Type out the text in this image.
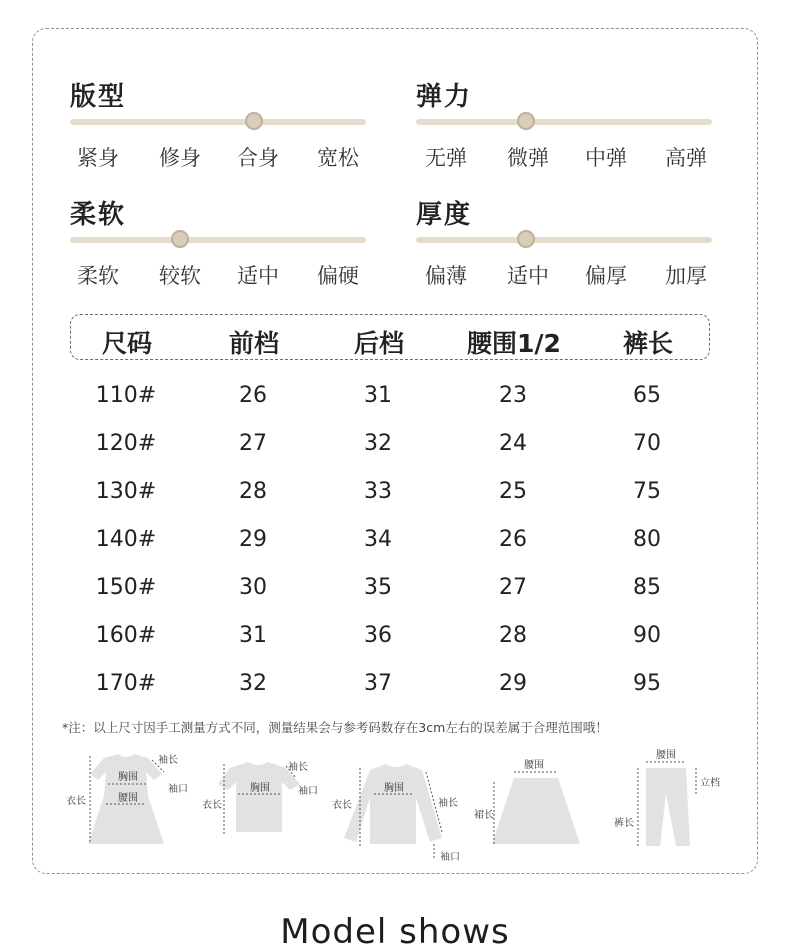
版型
紧身	修身	合身	宽松
弹力
无弹	微弹	中弹	高弹
柔软
柔软	较软	适中	偏硬
厚度
偏薄	适中	偏厚	加厚
尺码	前档	后档	腰围1/2	裤长
110#	26	31	23	65
120#	27	32	24	70
130#	28	33	25	75
140#	29	34	26	80
150#	30	35	27	85
160#	31	36	28	90
170#	32	37	29	95
*注：以上尺寸因手工测量方式不同，测量结果会与参考码数存在3cm左右的误差属于合理范围哦！
衣长
袖长
胸围
袖口
腰围
衣长
袖长
胸围	袖口
衣长
胸围
袖长
袖口
腰围
裙长
腰围
立档
裤长
Model shows
